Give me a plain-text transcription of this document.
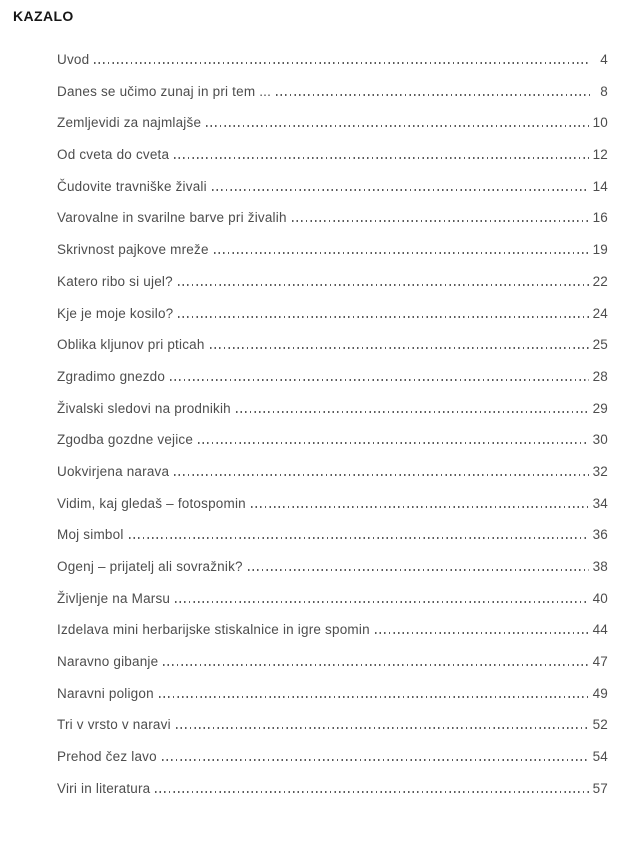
KAZALO
Uvod	4
Danes se učimo zunaj in pri tem ...	8
Zemljevidi za najmlajše	10
Od cveta do cveta	12
Čudovite travniške živali	14
Varovalne in svarilne barve pri živalih	16
Skrivnost pajkove mreže	19
Katero ribo si ujel?	22
Kje je moje kosilo?	24
Oblika kljunov pri pticah	25
Zgradimo gnezdo	28
Živalski sledovi na prodnikih	29
Zgodba gozdne vejice	30
Uokvirjena narava	32
Vidim, kaj gledaš – fotospomin	34
Moj simbol	36
Ogenj – prijatelj ali sovražnik?	38
Življenje na Marsu	40
Izdelava mini herbarijske stiskalnice in igre spomin	44
Naravno gibanje	47
Naravni poligon	49
Tri v vrsto v naravi	52
Prehod čez lavo	54
Viri in literatura	57
